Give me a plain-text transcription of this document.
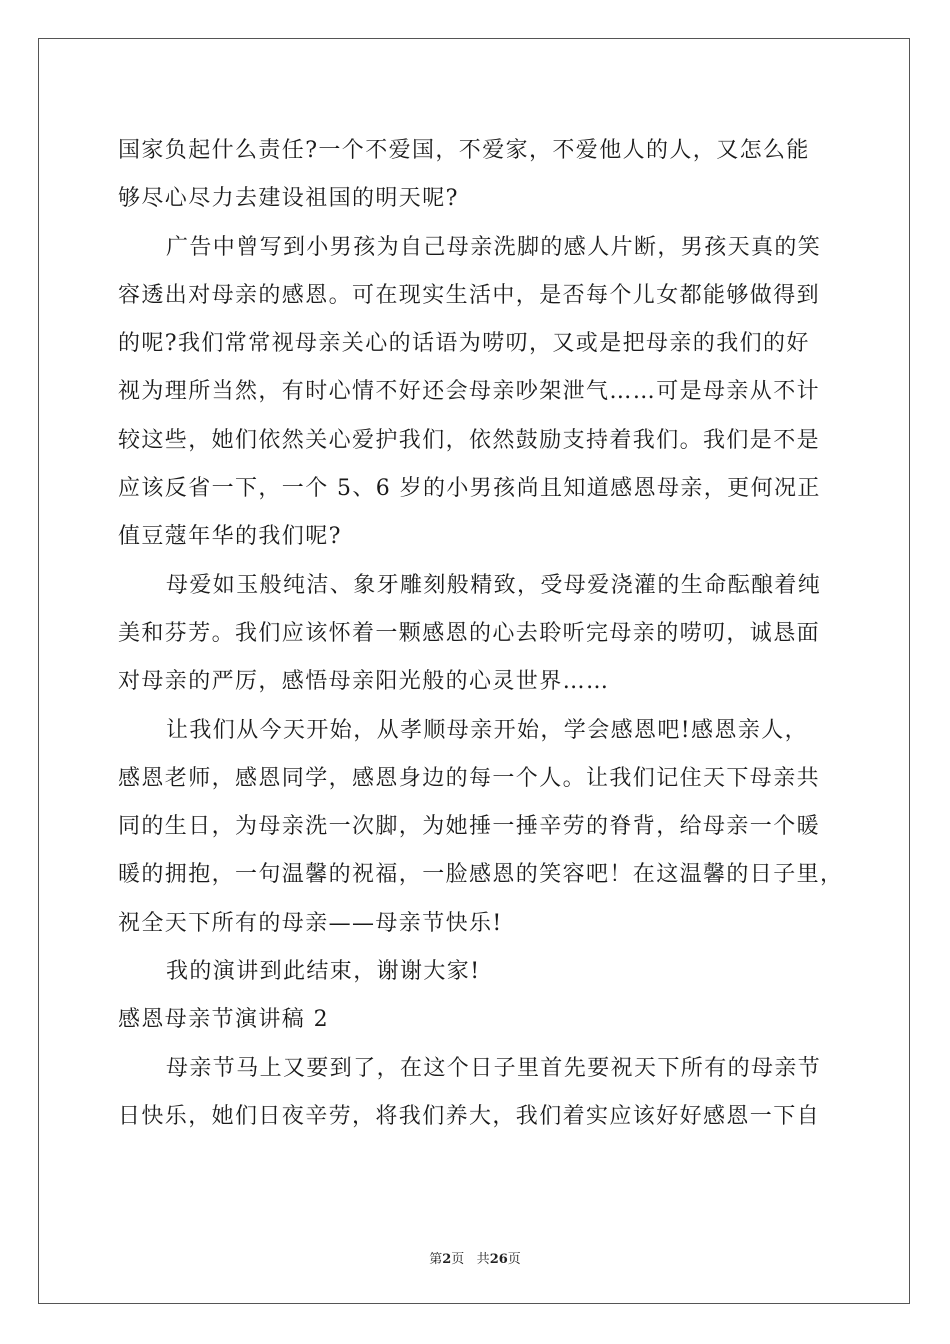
国家负起什么责任?一个不爱国，不爱家，不爱他人的人，又怎么能
够尽心尽力去建设祖国的明天呢?
广告中曾写到小男孩为自己母亲洗脚的感人片断，男孩天真的笑
容透出对母亲的感恩。可在现实生活中，是否每个儿女都能够做得到
的呢?我们常常视母亲关心的话语为唠叨，又或是把母亲的我们的好
视为理所当然，有时心情不好还会母亲吵架泄气……可是母亲从不计
较这些，她们依然关心爱护我们，依然鼓励支持着我们。我们是不是
应该反省一下，一个 5、6 岁的小男孩尚且知道感恩母亲，更何况正
值豆蔻年华的我们呢?
母爱如玉般纯洁、象牙雕刻般精致，受母爱浇灌的生命酝酿着纯
美和芬芳。我们应该怀着一颗感恩的心去聆听完母亲的唠叨，诚恳面
对母亲的严厉，感悟母亲阳光般的心灵世界……
让我们从今天开始，从孝顺母亲开始，学会感恩吧!感恩亲人，
感恩老师，感恩同学，感恩身边的每一个人。让我们记住天下母亲共
同的生日，为母亲洗一次脚，为她捶一捶辛劳的脊背，给母亲一个暖
暖的拥抱，一句温馨的祝福，一脸感恩的笑容吧！在这温馨的日子里，
祝全天下所有的母亲——母亲节快乐!
我的演讲到此结束，谢谢大家!
感恩母亲节演讲稿 2
母亲节马上又要到了，在这个日子里首先要祝天下所有的母亲节
日快乐，她们日夜辛劳，将我们养大，我们着实应该好好感恩一下自
第2页 共26页
